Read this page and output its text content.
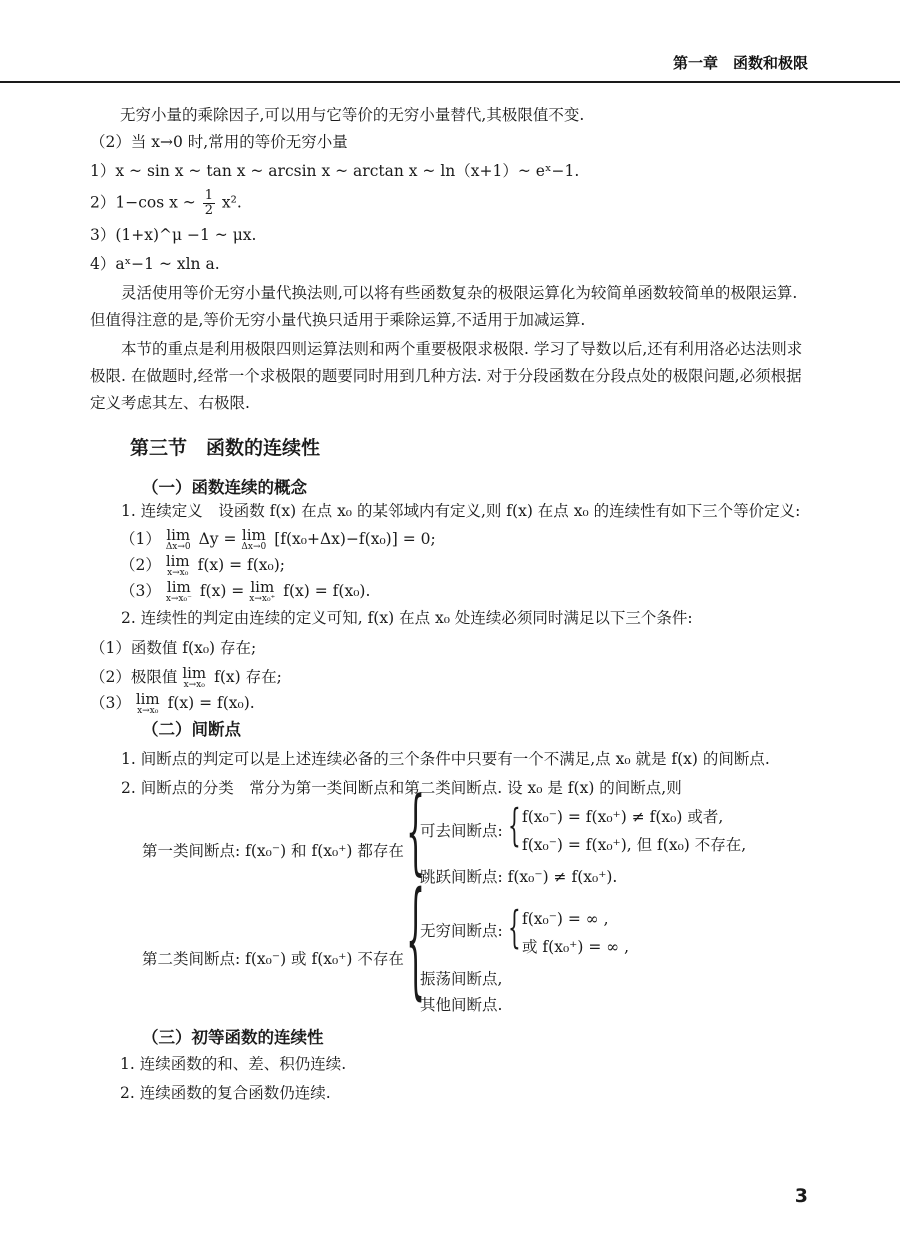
第一章　函数和极限

无穷小量的乘除因子,可以用与它等价的无穷小量替代,其极限值不变.

（2）当 x→0 时,常用的等价无穷小量

1）x ~ sin x ~ tan x ~ arcsin x ~ arctan x ~ ln（x+1）~ eˣ−1.

2）1−cos x ~ $\frac{1}{2} x^2$.

3）(1+x)^μ −1 ~ μx.

4）aˣ−1 ~ xln a.

灵活使用等价无穷小量代换法则,可以将有些函数复杂的极限运算化为较简单函数较简单的极限运算. 但值得注意的是,等价无穷小量代换只适用于乘除运算,不适用于加减运算.

本节的重点是利用极限四则运算法则和两个重要极限求极限. 学习了导数以后,还有利用洛必达法则求极限. 在做题时,经常一个求极限的题要同时用到几种方法. 对于分段函数在分段点处的极限问题,必须根据定义考虑其左、右极限.

第三节　函数的连续性
（一）函数连续的概念

1. 连续定义　设函数 f(x) 在点 x₀ 的某邻域内有定义,则 f(x) 在点 x₀ 的连续性有如下三个等价定义:

（1） lim
Δx→0 Δy = lim
Δx→0 [f(x₀+Δx)−f(x₀)] = 0;

（2） lim
x→x₀ f(x) = f(x₀);

（3） lim
x→x₀⁻ f(x) = lim
x→x₀⁺ f(x) = f(x₀).

2. 连续性的判定由连续的定义可知, f(x) 在点 x₀ 处连续必须同时满足以下三个条件:

（1）函数值 f(x₀) 存在;

（2）极限值 lim
x→x₀ f(x) 存在;

（3） lim
x→x₀ f(x) = f(x₀).

（二）间断点

1. 间断点的判定可以是上述连续必备的三个条件中只要有一个不满足,点 x₀ 就是 f(x) 的间断点.

2. 间断点的分类　常分为第一类间断点和第二类间断点. 设 x₀ 是 f(x) 的间断点,则

第一类间断点: f(x₀⁻) 和 f(x₀⁺) 都存在 {
可去间断点: { f(x₀⁻) = f(x₀⁺) ≠ f(x₀) 或者,
f(x₀⁻) = f(x₀⁺), 但 f(x₀) 不存在,
跳跃间断点: f(x₀⁻) ≠ f(x₀⁺).
第二类间断点: f(x₀⁻) 或 f(x₀⁺) 不存在 {
无穷间断点: { f(x₀⁻) = ∞ ,
或 f(x₀⁺) = ∞ ,
振荡间断点,
其他间断点.
（三）初等函数的连续性

1. 连续函数的和、差、积仍连续.

2. 连续函数的复合函数仍连续.

3
